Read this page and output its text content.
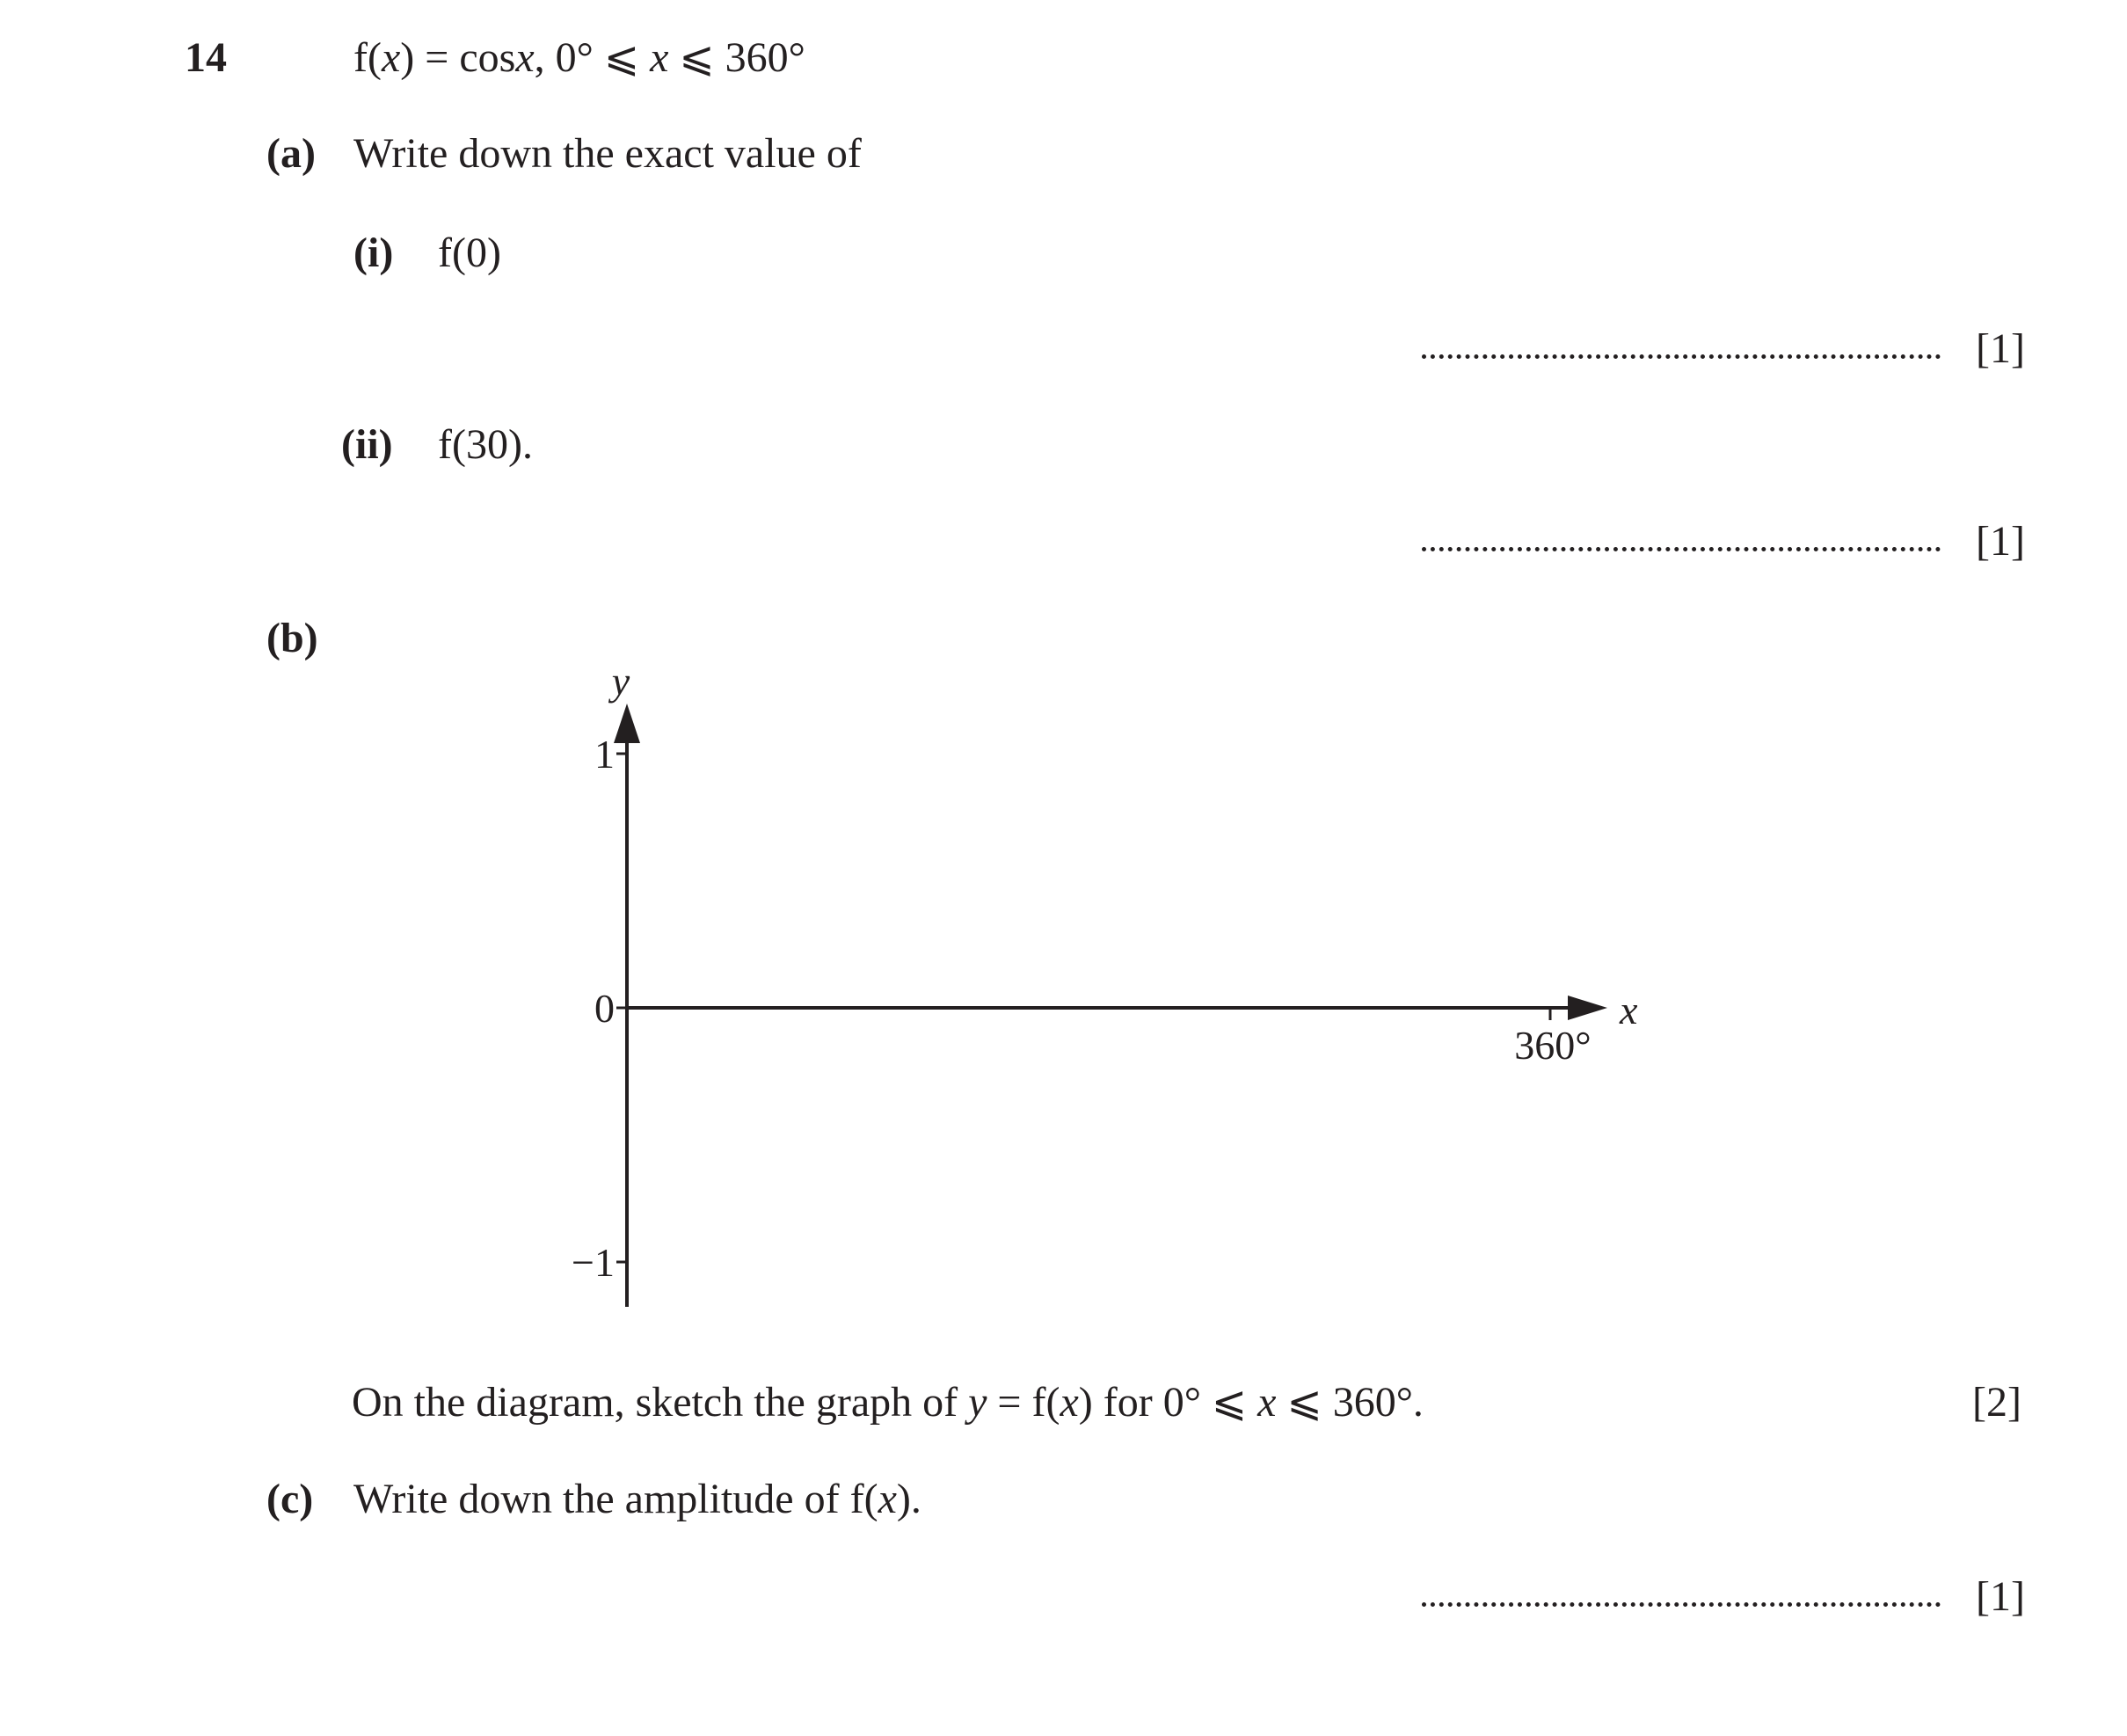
14	f(x) = cosx, 0° ⩽ x ⩽ 360°
(a) Write down the exact value of
(i) f(0)
[1]
(ii) f(30).
[1]
(b)
1
0
−1
360°
x
y
On the diagram, sketch the graph of y = f(x) for 0° ⩽ x ⩽ 360°.	[2]
(c) Write down the amplitude of f(x).
[1]
